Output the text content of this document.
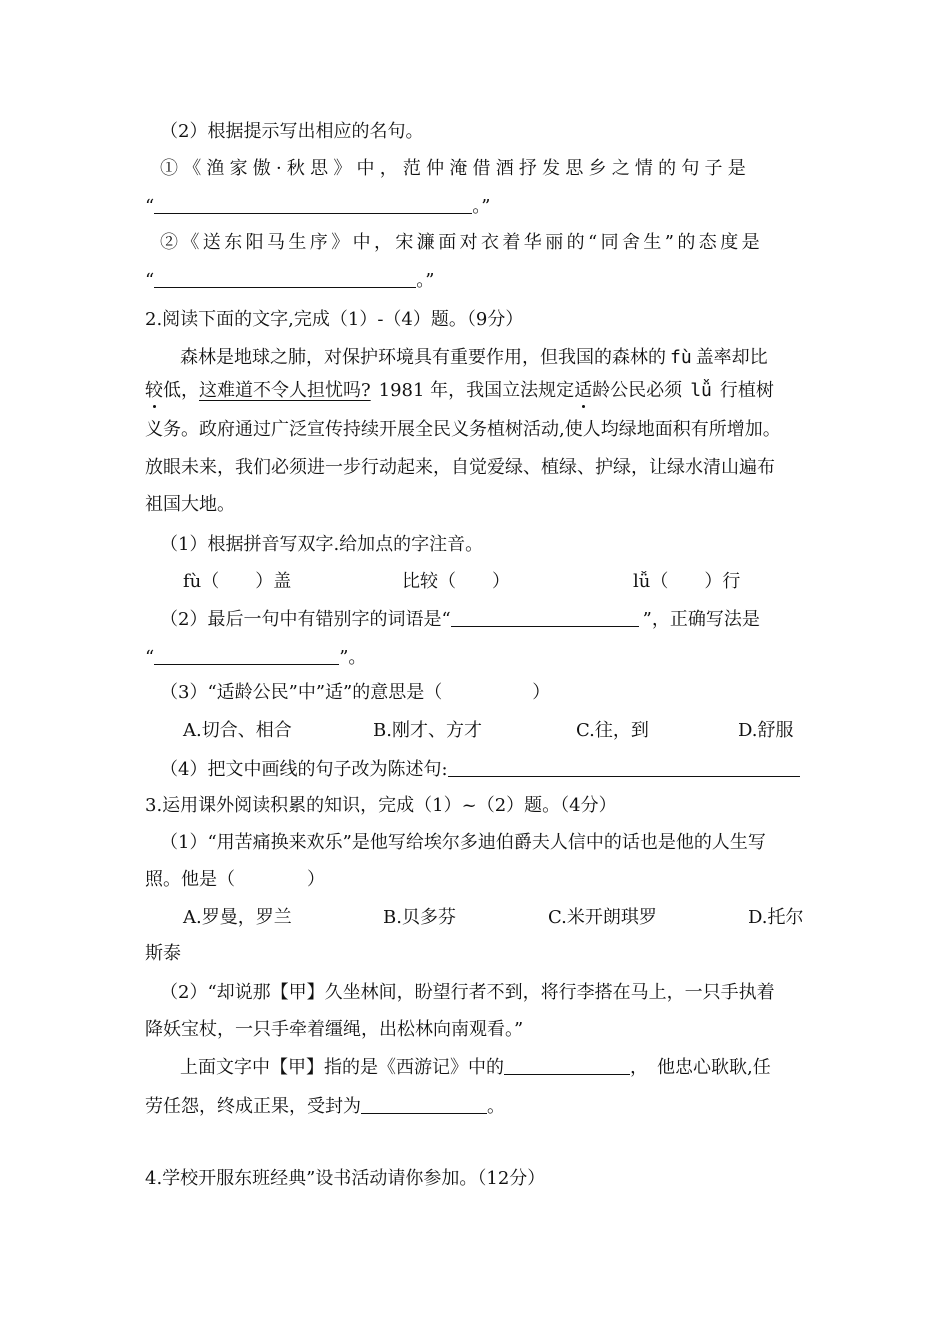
（2）根据提示写出相应的名句。
①《渔家傲·秋思》中，范仲淹借酒抒发思乡之情的句子是
“	。”
②《送东阳马生序》中，宋濂面对衣着华丽的“同舍生”的态度是
“	。”
2.阅读下面的文字,完成（1）-（4）题。（9分）
森林是地球之肺，对保护环境具有重要作用，但我国的森林的 fù 盖率却比
较低，这难道不令人担忧吗? 1981 年，我国立法规定适龄公民必须 lǚ 行植树
义务。政府通过广泛宣传持续开展全民义务植树活动,使人均绿地面积有所增加。
放眼未来，我们必须进一步行动起来，自觉爱绿、植绿、护绿，让绿水清山遍布
祖国大地。
（1）根据拼音写双字.给加点的字注音。
fù（　　）盖	比较（　　）	lǚ（　　）行
（2）最后一句中有错别字的词语是“	”，正确写法是
“	”。
（3）“适龄公民”中”适”的意思是（　　　　　）
A.切合、相合	B.刚才、方才	C.往，到	D.舒服
（4）把文中画线的句子改为陈述句:
3.运用课外阅读积累的知识，完成（1）~（2）题。（4分）
（1）“用苦痛换来欢乐”是他写给埃尔多迪伯爵夫人信中的话也是他的人生写
照。他是（　　　　）
A.罗曼，罗兰	B.贝多芬	C.米开朗琪罗	D.托尔
斯泰
（2）“却说那【甲】久坐林间，盼望行者不到，将行李搭在马上，一只手执着
降妖宝杖，一只手牵着缰绳，出松林向南观看。”
上面文字中【甲】指的是《西游记》中的	，　他忠心耿耿,任
劳任怨，终成正果，受封为	。
4.学校开服东班经典”设书活动请你参加。（12分）
